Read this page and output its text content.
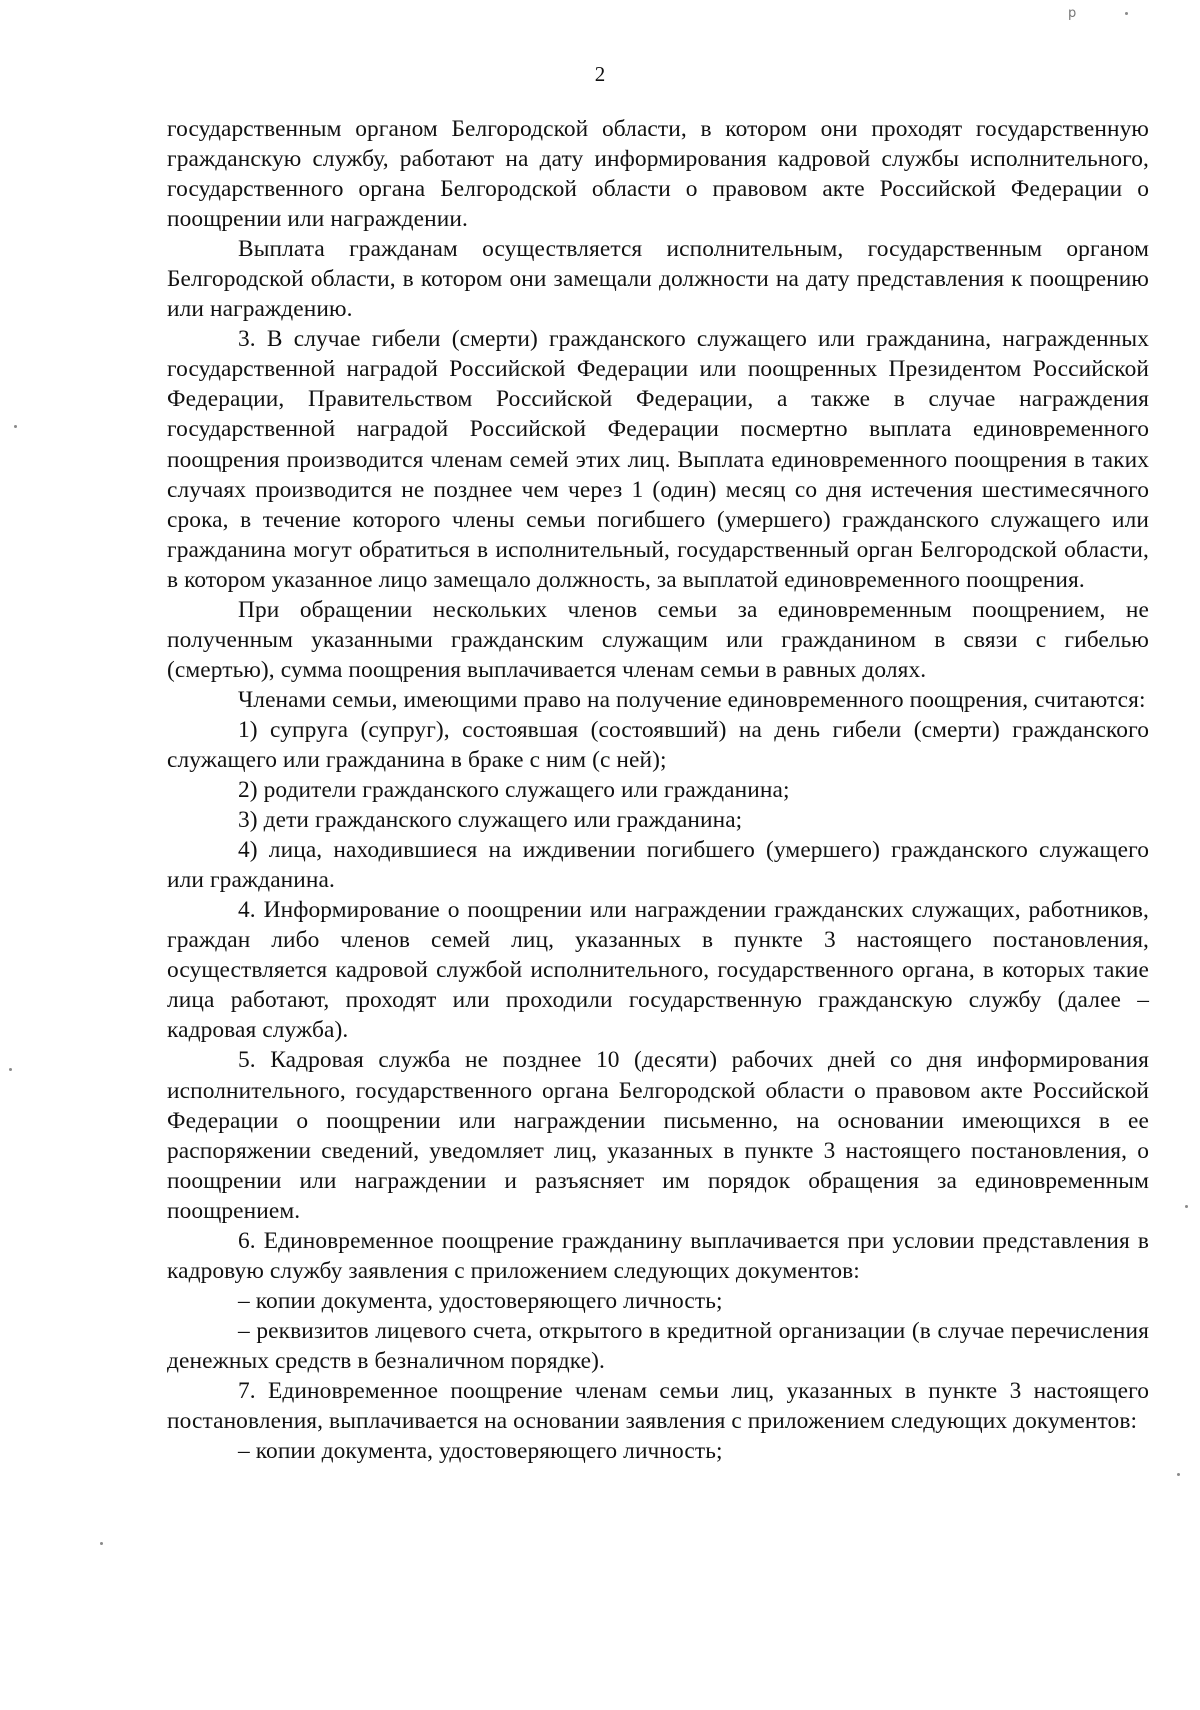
р
2

государственным органом Белгородской области, в котором они проходят государственную гражданскую службу, работают на дату информирования кадровой службы исполнительного, государственного органа Белгородской области о правовом акте Российской Федерации о поощрении или награждении.

Выплата гражданам осуществляется исполнительным, государственным органом Белгородской области, в котором они замещали должности на дату представления к поощрению или награждению.

3. В случае гибели (смерти) гражданского служащего или гражданина, награжденных государственной наградой Российской Федерации или поощренных Президентом Российской Федерации, Правительством Российской Федерации, а также в случае награждения государственной наградой Российской Федерации посмертно выплата единовременного поощрения производится членам семей этих лиц. Выплата единовременного поощрения в таких случаях производится не позднее чем через 1 (один) месяц со дня истечения шестимесячного срока, в течение которого члены семьи погибшего (умершего) гражданского служащего или гражданина могут обратиться в исполнительный, государственный орган Белгородской области, в котором указанное лицо замещало должность, за выплатой единовременного поощрения.

При обращении нескольких членов семьи за единовременным поощрением, не полученным указанными гражданским служащим или гражданином в связи с гибелью (смертью), сумма поощрения выплачивается членам семьи в равных долях.

Членами семьи, имеющими право на получение единовременного поощрения, считаются:

1) супруга (супруг), состоявшая (состоявший) на день гибели (смерти) гражданского служащего или гражданина в браке с ним (с ней);

2) родители гражданского служащего или гражданина;

3) дети гражданского служащего или гражданина;

4) лица, находившиеся на иждивении погибшего (умершего) гражданского служащего или гражданина.

4. Информирование о поощрении или награждении гражданских служащих, работников, граждан либо членов семей лиц, указанных в пункте 3 настоящего постановления, осуществляется кадровой службой исполнительного, государственного органа, в которых такие лица работают, проходят или проходили государственную гражданскую службу (далее – кадровая служба).

5. Кадровая служба не позднее 10 (десяти) рабочих дней со дня информирования исполнительного, государственного органа Белгородской области о правовом акте Российской Федерации о поощрении или награждении письменно, на основании имеющихся в ее распоряжении сведений, уведомляет лиц, указанных в пункте 3 настоящего постановления, о поощрении или награждении и разъясняет им порядок обращения за единовременным поощрением.

6. Единовременное поощрение гражданину выплачивается при условии представления в кадровую службу заявления с приложением следующих документов:

– копии документа, удостоверяющего личность;

– реквизитов лицевого счета, открытого в кредитной организации (в случае перечисления денежных средств в безналичном порядке).

7. Единовременное поощрение членам семьи лиц, указанных в пункте 3 настоящего постановления, выплачивается на основании заявления с приложением следующих документов:

– копии документа, удостоверяющего личность;
